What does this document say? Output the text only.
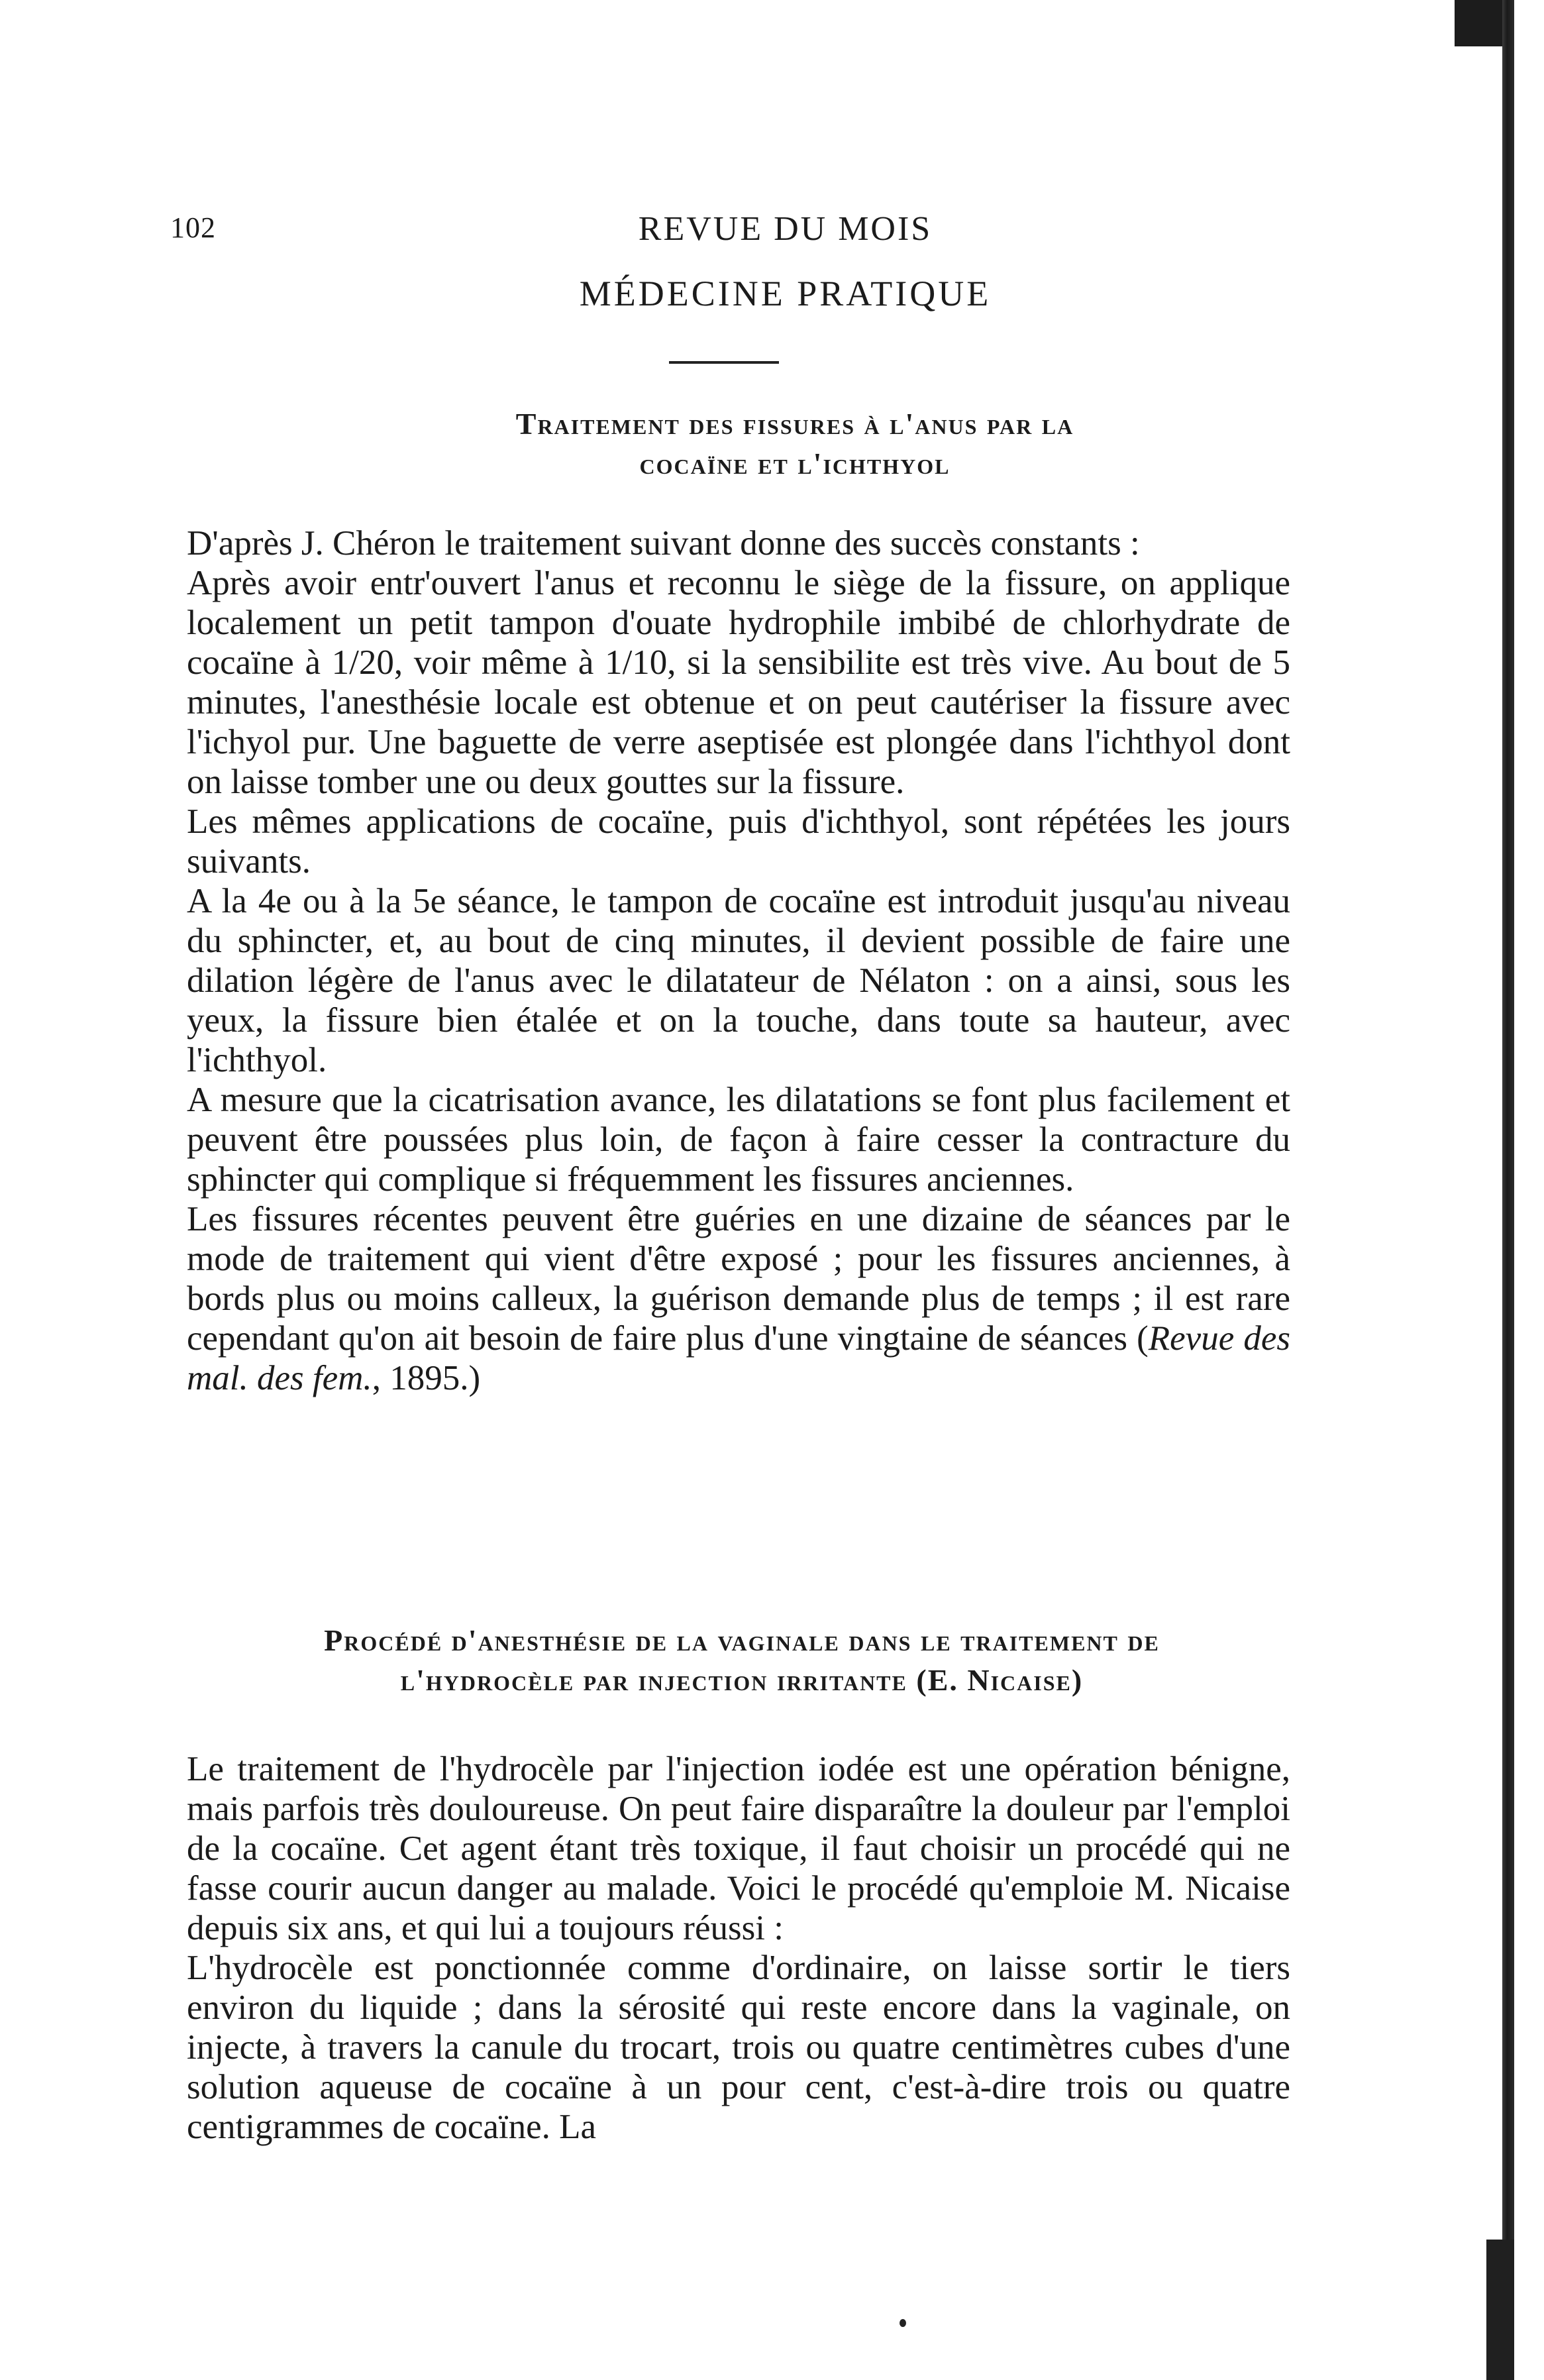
102	REVUE DU MOIS
MÉDECINE PRATIQUE
Traitement des fissures à l'anus par la
cocaïne et l'ichthyol

D'après J. Chéron le traitement suivant donne des succès constants :

Après avoir entr'ouvert l'anus et reconnu le siège de la fissure, on applique localement un petit tampon d'ouate hydrophile imbibé de chlorhydrate de cocaïne à 1/20, voir même à 1/10, si la sensibilite est très vive. Au bout de 5 minutes, l'anesthésie locale est obtenue et on peut cautériser la fissure avec l'ichyol pur. Une baguette de verre aseptisée est plongée dans l'ichthyol dont on laisse tomber une ou deux gouttes sur la fissure.

Les mêmes applications de cocaïne, puis d'ichthyol, sont répétées les jours suivants.

A la 4e ou à la 5e séance, le tampon de cocaïne est introduit jusqu'au niveau du sphincter, et, au bout de cinq minutes, il devient possible de faire une dilation légère de l'anus avec le dilatateur de Nélaton : on a ainsi, sous les yeux, la fissure bien étalée et on la touche, dans toute sa hauteur, avec l'ichthyol.

A mesure que la cicatrisation avance, les dilatations se font plus facilement et peuvent être poussées plus loin, de façon à faire cesser la contracture du sphincter qui complique si fréquemment les fissures anciennes.

Les fissures récentes peuvent être guéries en une dizaine de séances par le mode de traitement qui vient d'être exposé ; pour les fissures anciennes, à bords plus ou moins calleux, la guérison demande plus de temps ; il est rare cependant qu'on ait besoin de faire plus d'une vingtaine de séances (Revue des mal. des fem., 1895.)

Procédé d'anesthésie de la vaginale dans le traitement de
l'hydrocèle par injection irritante (E. Nicaise)

Le traitement de l'hydrocèle par l'injection iodée est une opération bénigne, mais parfois très douloureuse. On peut faire disparaître la douleur par l'emploi de la cocaïne. Cet agent étant très toxique, il faut choisir un procédé qui ne fasse courir aucun danger au malade. Voici le procédé qu'emploie M. Nicaise depuis six ans, et qui lui a toujours réussi :

L'hydrocèle est ponctionnée comme d'ordinaire, on laisse sortir le tiers environ du liquide ; dans la sérosité qui reste encore dans la vaginale, on injecte, à travers la canule du trocart, trois ou quatre centimètres cubes d'une solution aqueuse de cocaïne à un pour cent, c'est-à-dire trois ou quatre centigrammes de cocaïne. La
